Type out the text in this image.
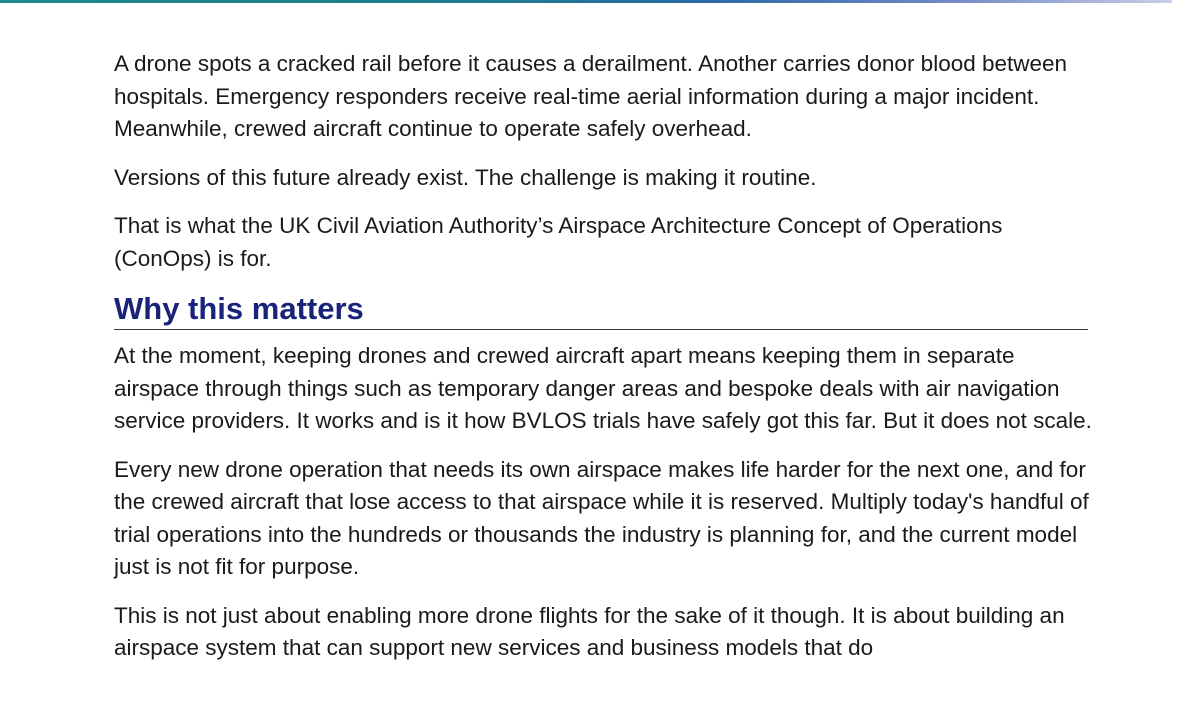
A drone spots a cracked rail before it causes a derailment. Another carries donor blood between hospitals. Emergency responders receive real-time aerial information during a major incident. Meanwhile, crewed aircraft continue to operate safely overhead.

Versions of this future already exist. The challenge is making it routine.

That is what the UK Civil Aviation Authority’s Airspace Architecture Concept of Operations (ConOps) is for.

Why this matters

At the moment, keeping drones and crewed aircraft apart means keeping them in separate airspace through things such as temporary danger areas and bespoke deals with air navigation service providers. It works and is it how BVLOS trials have safely got this far. But it does not scale.

Every new drone operation that needs its own airspace makes life harder for the next one, and for the crewed aircraft that lose access to that airspace while it is reserved. Multiply today's handful of trial operations into the hundreds or thousands the industry is planning for, and the current model just is not fit for purpose.

This is not just about enabling more drone flights for the sake of it though. It is about building an airspace system that can support new services and business models that do
